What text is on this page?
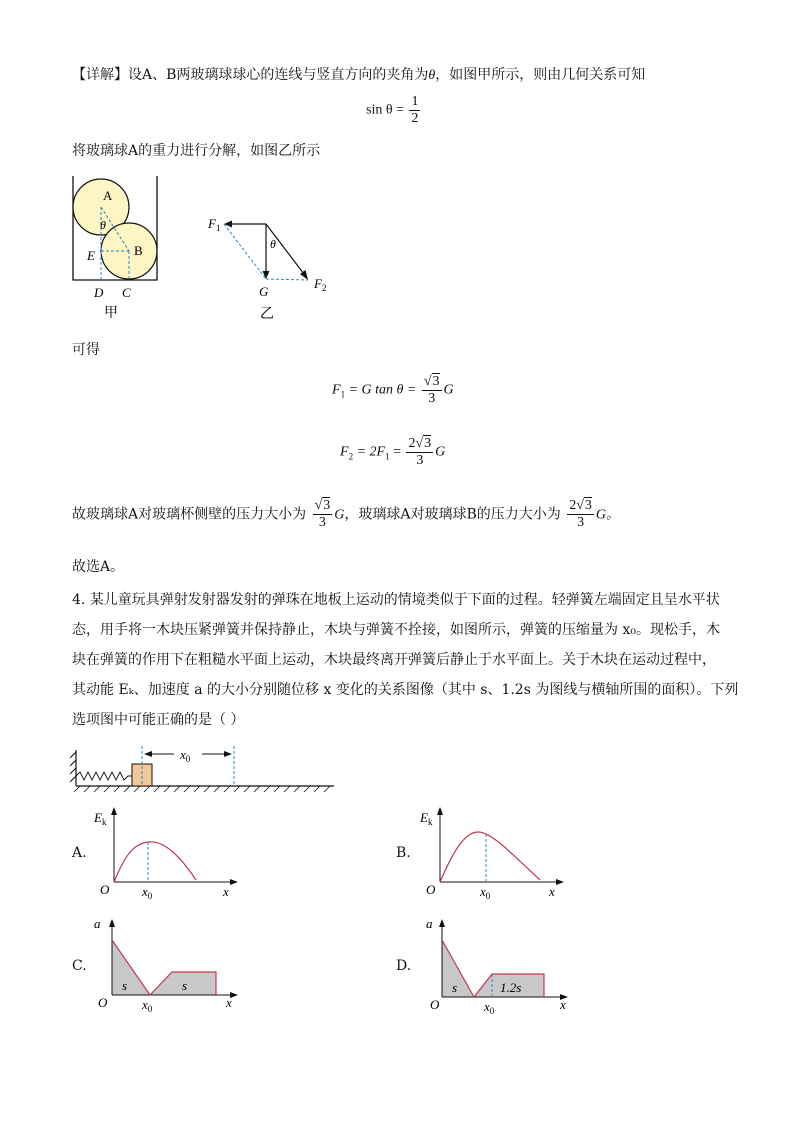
【详解】设A、B两玻璃球球心的连线与竖直方向的夹角为θ，如图甲所示，则由几何关系可知
$\sin \theta = \frac{1}{2}$
将玻璃球A的重力进行分解，如图乙所示
A
θ
E	B
D C
甲
$F_1$
θ
G
$F_2$
乙
可得
$F_1 = G$ $\tan \theta = \frac{√3}{3}$ G
$F_2 = 2F_1 = \frac{2√3}{3}$ G
故玻璃球A对玻璃杯侧壁的压力大小为 $\frac{√3}{3}$ G，玻璃球A对玻璃球B的压力大小为 $\frac{2√3}{3}$ G。
故选A。
4. 某儿童玩具弹射发射器发射的弹珠在地板上运动的情境类似于下面的过程。轻弹簧左端固定且呈水平状
态，用手将一木块压紧弹簧并保持静止，木块与弹簧不拴接，如图所示，弹簧的压缩量为 x₀。现松手，木
块在弹簧的作用下在粗糙水平面上运动，木块最终离开弹簧后静止于水平面上。关于木块在运动过程中，
其动能 Eₖ、加速度 a 的大小分别随位移 x 变化的关系图像（其中 s、1.2s 为图线与横轴所围的面积）。下列
选项图中可能正确的是（ ）
$x_0$
A.
$E_k$
O	$x_0$	x
B.
$E_k$
O	$x_0$	x
C.
a
s	s
O	$x_0$	x
D.
a
s	1.2s
O	$x_0$	x
